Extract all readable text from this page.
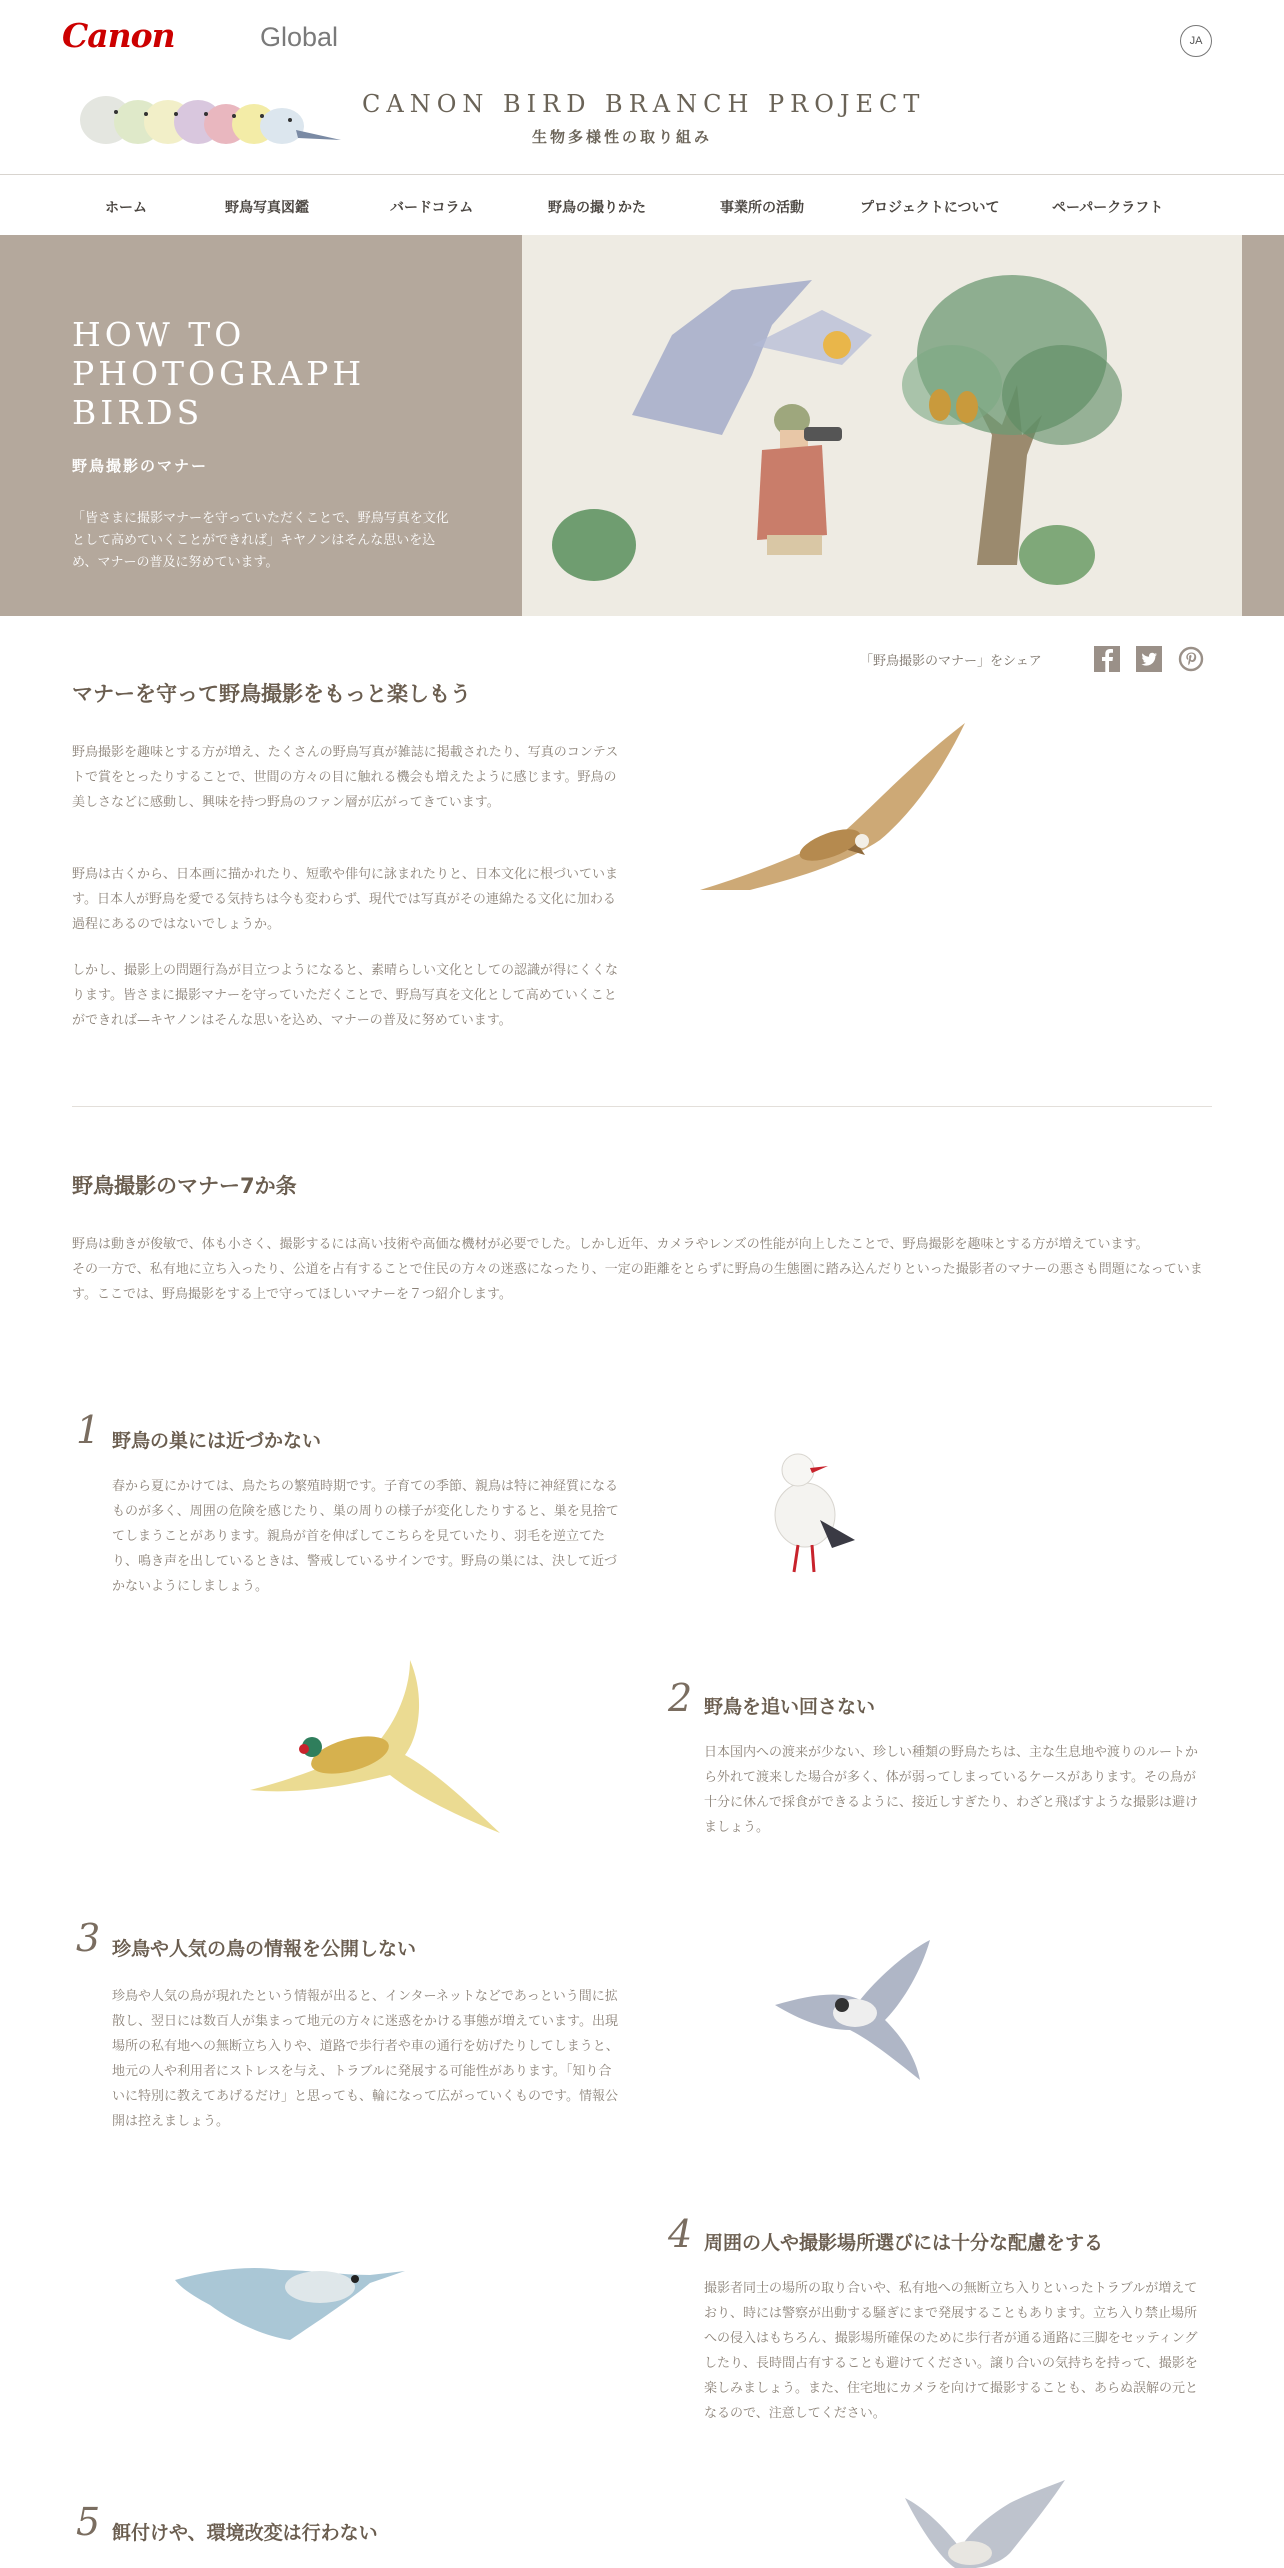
Canon	Global	JA
CANON BIRD BRANCH PROJECT
生物多様性の取り組み
ホーム	野鳥写真図鑑	バードコラム	野鳥の撮りかた	事業所の活動	プロジェクトについて	ペーパークラフト
HOW TO
PHOTOGRAPH
BIRDS
野鳥撮影のマナー
「皆さまに撮影マナーを守っていただくことで、野鳥写真を文化として高めていくことができれば」キヤノンはそんな思いを込め、マナーの普及に努めています。
「野鳥撮影のマナー」をシェア
マナーを守って野鳥撮影をもっと楽しもう
野鳥撮影を趣味とする方が増え、たくさんの野鳥写真が雑誌に掲載されたり、写真のコンテストで賞をとったりすることで、世間の方々の目に触れる機会も増えたように感じます。野鳥の美しさなどに感動し、興味を持つ野鳥のファン層が広がってきています。
野鳥は古くから、日本画に描かれたり、短歌や俳句に詠まれたりと、日本文化に根づいています。日本人が野鳥を愛でる気持ちは今も変わらず、現代では写真がその連綿たる文化に加わる過程にあるのではないでしょうか。
しかし、撮影上の問題行為が目立つようになると、素晴らしい文化としての認識が得にくくなります。皆さまに撮影マナーを守っていただくことで、野鳥写真を文化として高めていくことができれば—キヤノンはそんな思いを込め、マナーの普及に努めています。
野鳥撮影のマナー7か条
野鳥は動きが俊敏で、体も小さく、撮影するには高い技術や高価な機材が必要でした。しかし近年、カメラやレンズの性能が向上したことで、野鳥撮影を趣味とする方が増えています。
その一方で、私有地に立ち入ったり、公道を占有することで住民の方々の迷惑になったり、一定の距離をとらずに野鳥の生態圏に踏み込んだりといった撮影者のマナーの悪さも問題になっています。ここでは、野鳥撮影をする上で守ってほしいマナーを７つ紹介します。
1 野鳥の巣には近づかない
春から夏にかけては、鳥たちの繁殖時期です。子育ての季節、親鳥は特に神経質になるものが多く、周囲の危険を感じたり、巣の周りの様子が変化したりすると、巣を見捨ててしまうことがあります。親鳥が首を伸ばしてこちらを見ていたり、羽毛を逆立てたり、鳴き声を出しているときは、警戒しているサインです。野鳥の巣には、決して近づかないようにしましょう。
2 野鳥を追い回さない
日本国内への渡来が少ない、珍しい種類の野鳥たちは、主な生息地や渡りのルートから外れて渡来した場合が多く、体が弱ってしまっているケースがあります。その鳥が十分に休んで採食ができるように、接近しすぎたり、わざと飛ばすような撮影は避けましょう。
3 珍鳥や人気の鳥の情報を公開しない
珍鳥や人気の鳥が現れたという情報が出ると、インターネットなどであっという間に拡散し、翌日には数百人が集まって地元の方々に迷惑をかける事態が増えています。出現場所の私有地への無断立ち入りや、道路で歩行者や車の通行を妨げたりしてしまうと、地元の人や利用者にストレスを与え、トラブルに発展する可能性があります。「知り合いに特別に教えてあげるだけ」と思っても、輪になって広がっていくものです。情報公開は控えましょう。
4 周囲の人や撮影場所選びには十分な配慮をする
撮影者同士の場所の取り合いや、私有地への無断立ち入りといったトラブルが増えており、時には警察が出動する騒ぎにまで発展することもあります。立ち入り禁止場所への侵入はもちろん、撮影場所確保のために歩行者が通る通路に三脚をセッティングしたり、長時間占有することも避けてください。譲り合いの気持ちを持って、撮影を楽しみましょう。また、住宅地にカメラを向けて撮影することも、あらぬ誤解の元となるので、注意してください。
5 餌付けや、環境改変は行わない
